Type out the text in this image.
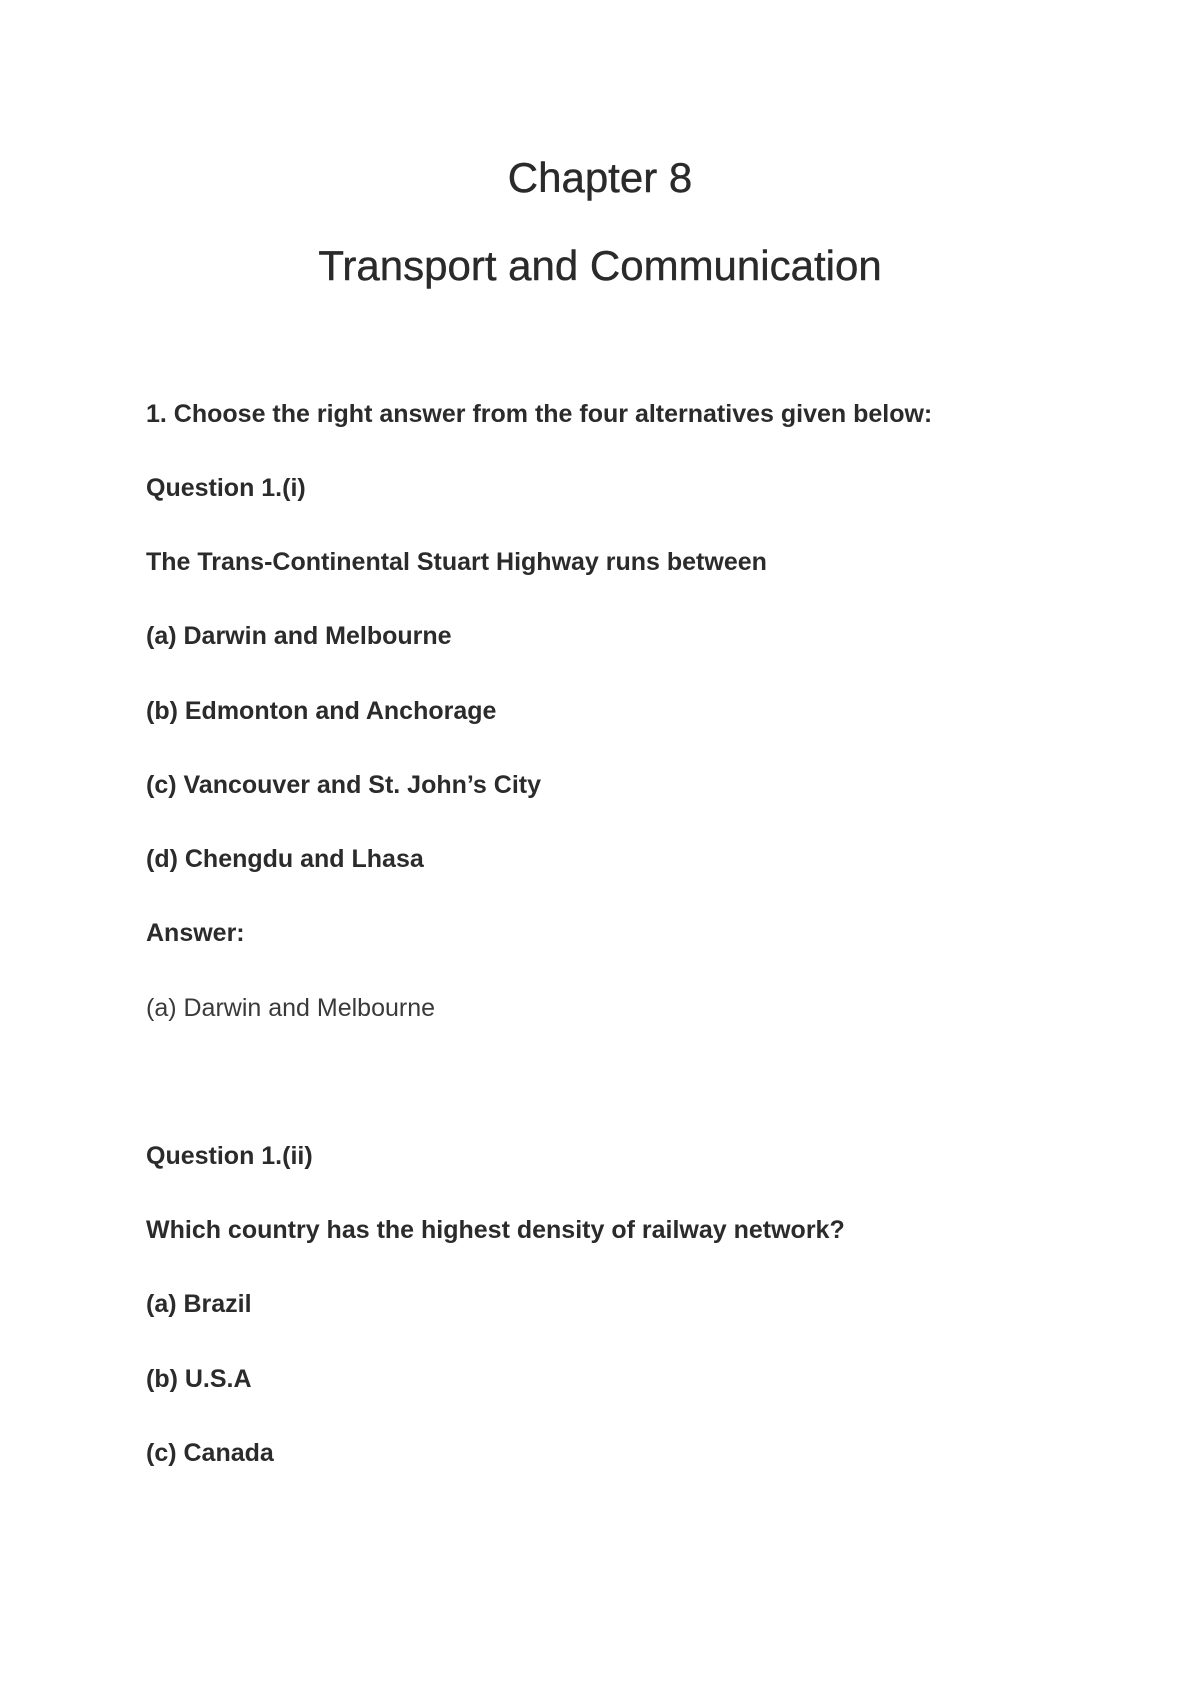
Chapter 8
Transport and Communication

1. Choose the right answer from the four alternatives given below:

Question 1.(i)

The Trans-Continental Stuart Highway runs between

(a) Darwin and Melbourne

(b) Edmonton and Anchorage

(c) Vancouver and St. John’s City

(d) Chengdu and Lhasa

Answer:

(a) Darwin and Melbourne

Question 1.(ii)

Which country has the highest density of railway network?

(a) Brazil

(b) U.S.A

(c) Canada
